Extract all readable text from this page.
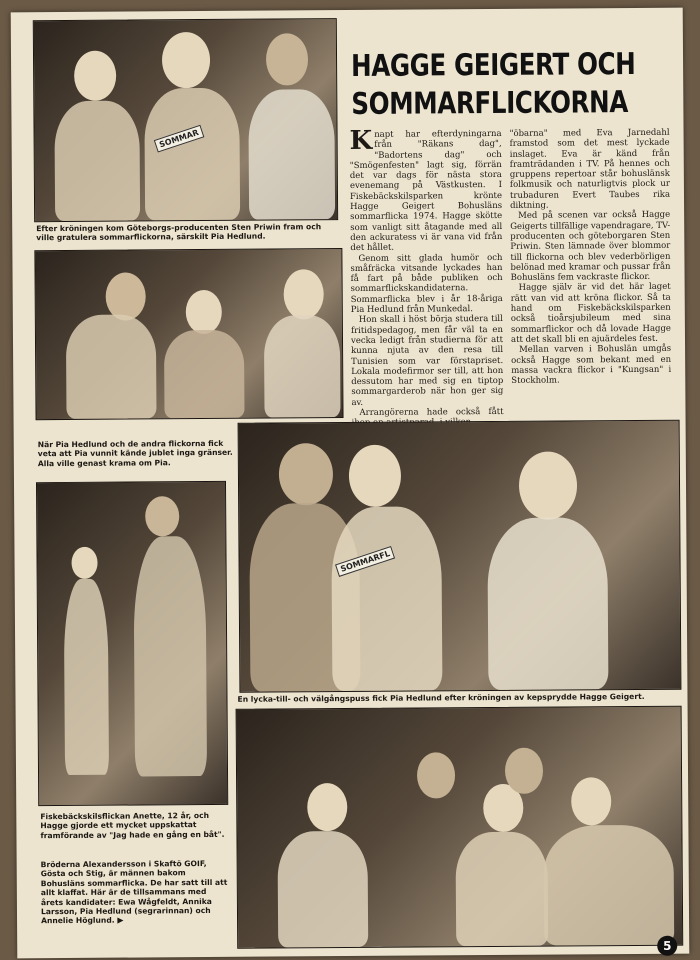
SOMMAR
Efter kröningen kom Göteborgs-producenten Sten Priwin fram och ville gratulera sommarflickorna, särskilt Pia Hedlund.
HAGGE GEIGERT OCH
SOMMARFLICKORNA

Knapt har efterdyningarna från "Räkans dag", "Badortens dag" och "Smögenfesten" lagt sig, förrän det var dags för nästa stora evenemang på Västkusten. I Fiskebäckskilsparken krönte Hagge Geigert Bohusläns sommarflicka 1974. Hagge skötte som vanligt sitt åtagande med all den ackuratess vi är vana vid från det hållet.

Genom sitt glada humör och småfräcka vitsande lyckades han få fart på både publiken och sommarflickskandidaterna. Sommarflicka blev i år 18-åriga Pia Hedlund från Munkedal.

Hon skall i höst börja studera till fritidspedagog, men får väl ta en vecka ledigt från studierna för att kunna njuta av den resa till Tunisien som var förstapriset. Lokala modefirmor ser till, att hon dessutom har med sig en tiptop sommargarderob när hon ger sig av.

Arrangörerna hade också fått

"öbarna" med Eva Jarnedahl framstod som det mest lyckade inslaget. Eva är känd från framträdanden i TV. På hennes och gruppens repertoar står bohuslänsk folkmusik och naturligtvis plock ur trubaduren Evert Taubes rika diktning.

Med på scenen var också Hagge Geigerts tillfällige vapendragare, TV-producenten och göteborgaren Sten Priwin. Sten lämnade över blommor till flickorna och blev vederbörligen belönad med kramar och pussar från Bohusläns fem vackraste flickor.

Hagge själv är vid det här laget rätt van vid att kröna flickor. Så ta hand om Fiskebäckskilsparken också tioårsjubileum med sina sommarflickor och då lovade Hagge att det skall bli en ajuärdeles fest.

Mellan varven i Bohuslän umgås också Hagge som bekant med en massa vackra flickor i "Kungsan" i Stockholm.

När Pia Hedlund och de andra flickorna fick veta att Pia vunnit kände jublet inga gränser. Alla ville genast krama om Pia.
SOMMARFL
En lycka-till- och välgångspuss fick Pia Hedlund efter kröningen av kepsprydde Hagge Geigert.
Fiskebäckskilsflickan Anette, 12 år, och Hagge gjorde ett mycket uppskattat framförande av "Jag hade en gång en båt".
Bröderna Alexandersson i Skaftö GOIF, Gösta och Stig, är männen bakom Bohusläns sommarflicka. De har satt till att allt klaffat. Här är de tillsammans med årets kandidater: Ewa Wågfeldt, Annika Larsson, Pia Hedlund (segrarinnan) och Annelie Höglund. ▶
5
